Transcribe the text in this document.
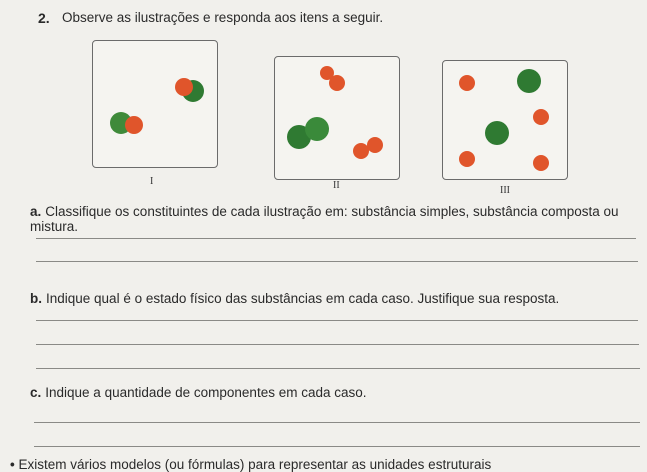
2. Observe as ilustrações e responda aos itens a seguir.
I	II	III
a. Classifique os constituintes de cada ilustração em: substância simples, substância composta ou mistura.
b. Indique qual é o estado físico das substâncias em cada caso. Justifique sua resposta.
c. Indique a quantidade de componentes em cada caso.
• Existem vários modelos (ou fórmulas) para representar as unidades estruturais
